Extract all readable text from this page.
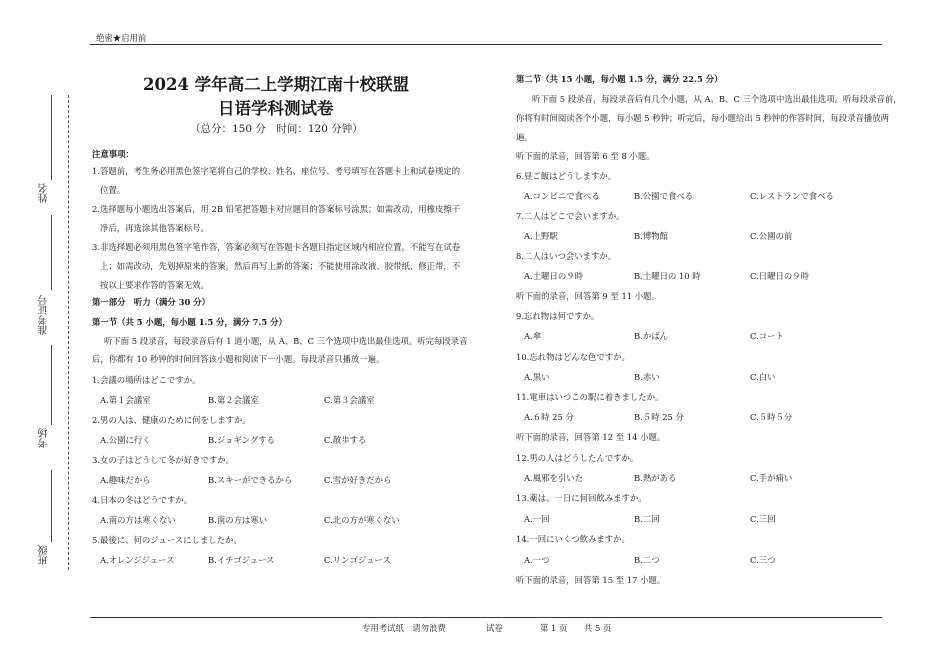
绝密★启用前
姓名
准考证号
考场
班级
2024 学年高二上学期江南十校联盟
日语学科测试卷
（总分：150 分　时间：120 分钟）
注意事项：
1.答题前，考生务必用黑色签字笔将自己的学校、姓名、座位号、考号填写在答题卡上和试卷规定的
位置。
2.选择题每小题选出答案后，用 2B 铅笔把答题卡对应题目的答案标号涂黑；如需改动，用橡皮擦干
净后，再选涂其他答案标号。
3.非选择题必须用黑色签字笔作答，答案必须写在答题卡各题目指定区域内相应位置，不能写在试卷
上；如需改动，先划掉原来的答案，然后再写上新的答案；不能使用涂改液、胶带纸、修正带，不
按以上要求作答的答案无效。
第一部分　听力（满分 30 分）
第一节（共 5 小题，每小题 1.5 分，满分 7.5 分）
听下面 5 段录音，每段录音后有 1 道小题，从 A、B、C 三个选项中选出最佳选项。听完每段录音
后，你都有 10 秒钟的时间回答该小题和阅读下一小题。每段录音只播放一遍。
1.会議の場所はどこですか。
A.第１会議室	B.第２会議室	C.第３会議室
2.男の人は、健康のために何をしますか。
A.公園に行く	B.ジョギングする	C.散歩する
3.女の子はどうして冬が好きですか。
A.趣味だから	B.スキーができるから	C.雪が好きだから
4.日本の冬はどうですか。
A.南の方は寒くない	B.南の方は寒い	C.北の方が寒くない
5.最後に、何のジュースにしましたか。
A.オレンジジュース	B.イチゴジュース	C.リンゴジュース
第二节（共 15 小题，每小题 1.5 分，满分 22.5 分）
听下面 5 段录音，每段录音后有几个小题，从 A、B、C 三个选项中选出最佳选项。听每段录音前，
你将有时间阅读各个小题，每小题 5 秒钟；听完后，每小题给出 5 秒钟的作答时间，每段录音播放两
遍。
听下面的录音，回答第 6 至 8 小题。
6.昼ご飯はどうしますか。
A.コンビニで食べる	B.公園で食べる	C.レストランで食べる
7.二人はどこで会いますか。
A.上野駅	B.博物館	C.公園の前
8.二人はいつ会いますか。
A.土曜日の９時	B.土曜日の 10 時	C.日曜日の９時
听下面的录音，回答第 9 至 11 小题。
9.忘れ物は何ですか。
A.傘	B.かばん	C.コート
10.忘れ物はどんな色ですか。
A.黒い	B.赤い	C.白い
11.電車はいつこの駅に着きましたか。
A.６時 25 分	B.５時 25 分	C.５時５分
听下面的录音，回答第 12 至 14 小题。
12.男の人はどうしたんですか。
A.風邪を引いた	B.熱がある	C.手が痛い
13.薬は、一日に何回飲みますか。
A.一回	B.二回	C.三回
14.一回にいくつ飲みますか。
A.一つ	B.二つ	C.三つ
听下面的录音，回答第 15 至 17 小题。
专用考试纸　请勿浪费	试卷	第 1 页 共 5 页
